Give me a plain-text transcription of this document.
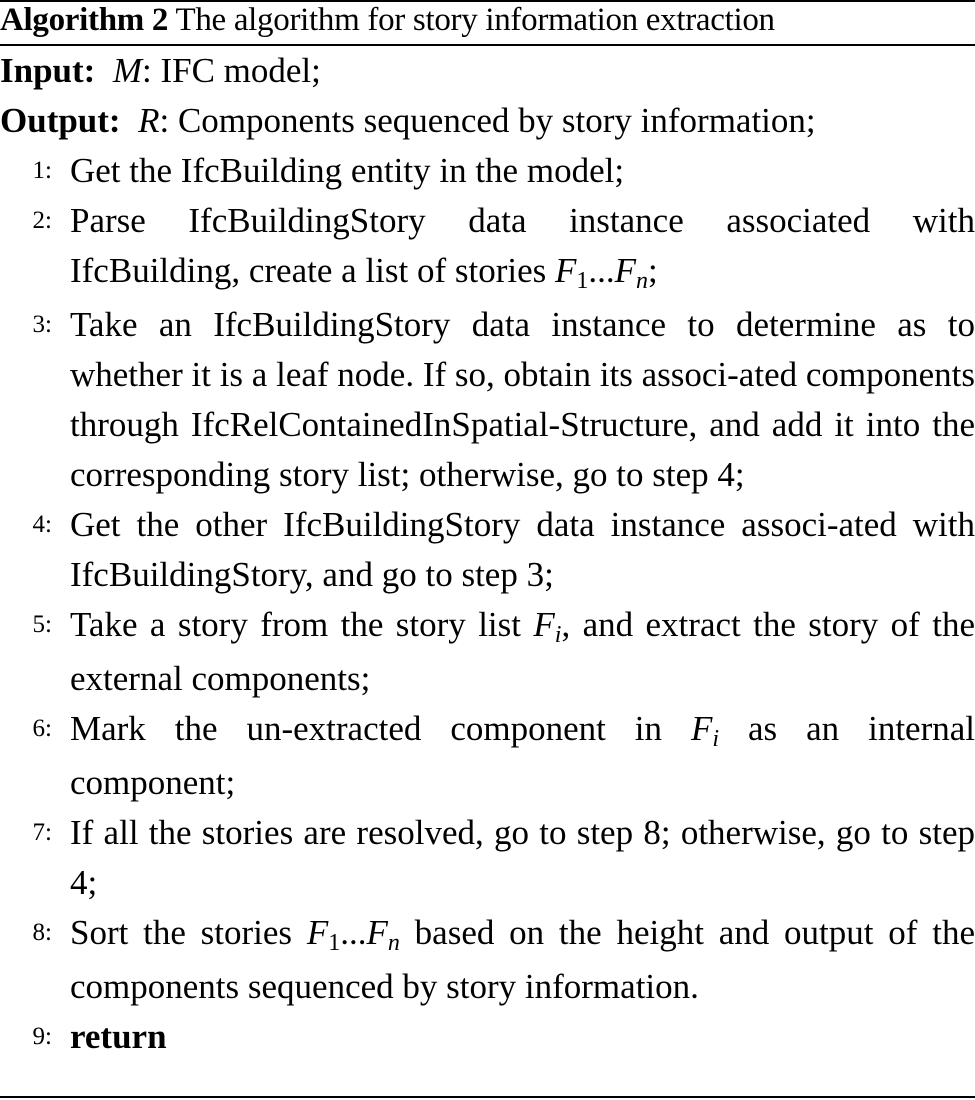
Algorithm 2 The algorithm for story information extraction
Input: M: IFC model;
Output: R: Components sequenced by story information;
1: Get the IfcBuilding entity in the model;
2: Parse IfcBuildingStory data instance associated with IfcBuilding, create a list of stories F1...Fn;
3: Take an IfcBuildingStory data instance to determine as to whether it is a leaf node. If so, obtain its associ-ated components through IfcRelContainedInSpatial-Structure, and add it into the corresponding story list; otherwise, go to step 4;
4: Get the other IfcBuildingStory data instance associ-ated with IfcBuildingStory, and go to step 3;
5: Take a story from the story list Fi, and extract the story of the external components;
6: Mark the un-extracted component in Fi as an internal component;
7: If all the stories are resolved, go to step 8; otherwise, go to step 4;
8: Sort the stories F1...Fn based on the height and output of the components sequenced by story information.
9: return
